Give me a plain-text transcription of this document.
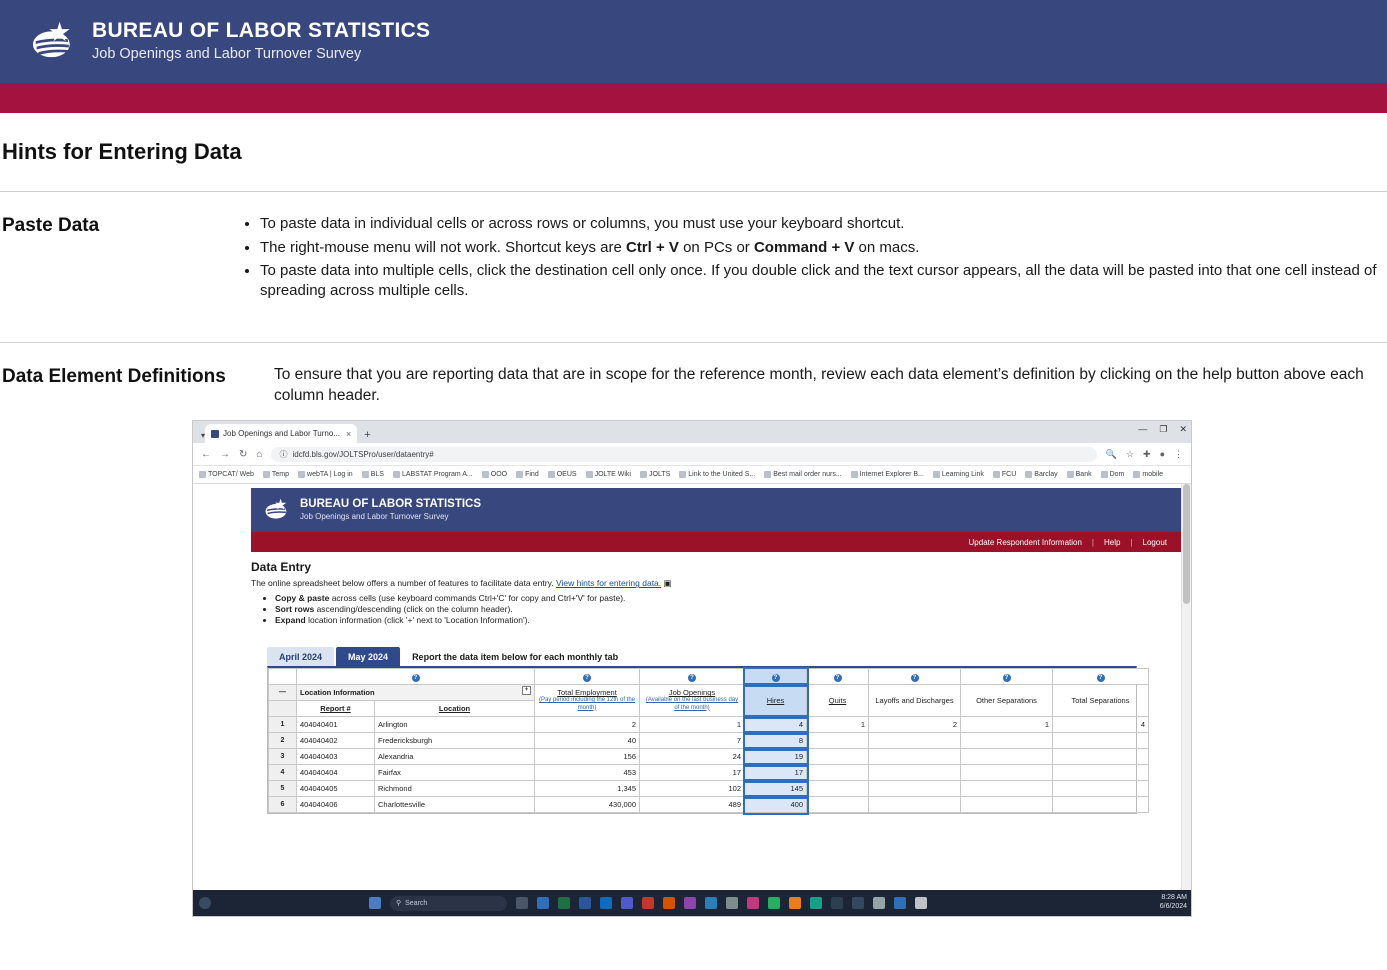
BUREAU OF LABOR STATISTICS
Job Openings and Labor Turnover Survey
Hints for Entering Data
Paste Data	• To paste data in individual cells or across rows or columns, you must use your keyboard shortcut.
• The right-mouse menu will not work. Shortcut keys are Ctrl + V on PCs or Command + V on macs.
• To paste data into multiple cells, click the destination cell only once. If you double click and the text cursor appears, all the data will be pasted into that one cell instead of spreading across multiple cells.
Data Element Definitions	To ensure that you are reporting data that are in scope for the reference month, review each data element’s definition by clicking on the help button above each column header.
▾ Job Openings and Labor Turno... × +	— ❐ ✕
← → ↻ ⌂ ⓘ idcfd.bls.gov/JOLTSPro/user/dataentry#	🔍 ☆ ✚ ● ⋮
TOPCAT/ Web	Temp	webTA | Log in	BLS	LABSTAT Program A...	OOO	Find	OEUS	JOLTE Wiki	JOLTS	Link to the United S...	Best mail order nurs...	Internet Explorer B...	Learning Link	FCU	Barclay	Bank	Dom	mobile
BUREAU OF LABOR STATISTICS
Job Openings and Labor Turnover Survey
Update Respondent Information | Help | Logout
Data Entry
The online spreadsheet below offers a number of features to facilitate data entry. View hints for entering data. ▣
• Copy & paste across cells (use keyboard commands Ctrl+'C' for copy and Ctrl+'V' for paste).
• Sort rows ascending/descending (click on the column header).
• Expand location information (click '+' next to 'Location Information').
April 2024	May 2024	Report the data item below for each monthly tab
	?		?	?	?	?	?	?	?
—	Location Information +		Total Employment
(Pay period including the 12th of the month)	Job Openings
(Available on the last business day of the month)	Hires	Quits	Layoffs and Discharges	Other Separations	Total Separations
	Report #	Location							
1	404040401	Arlington	2	1	4	1	2	1	4
2	404040402	Fredericksburgh	40	7	8				
3	404040403	Alexandria	156	24	19				
4	404040404	Fairfax	453	17	17				
5	404040405	Richmond	1,345	102	145				
6	404040406	Charlottesville	430,000	489	400				
⚲ Search
8:28 AM
6/6/2024
